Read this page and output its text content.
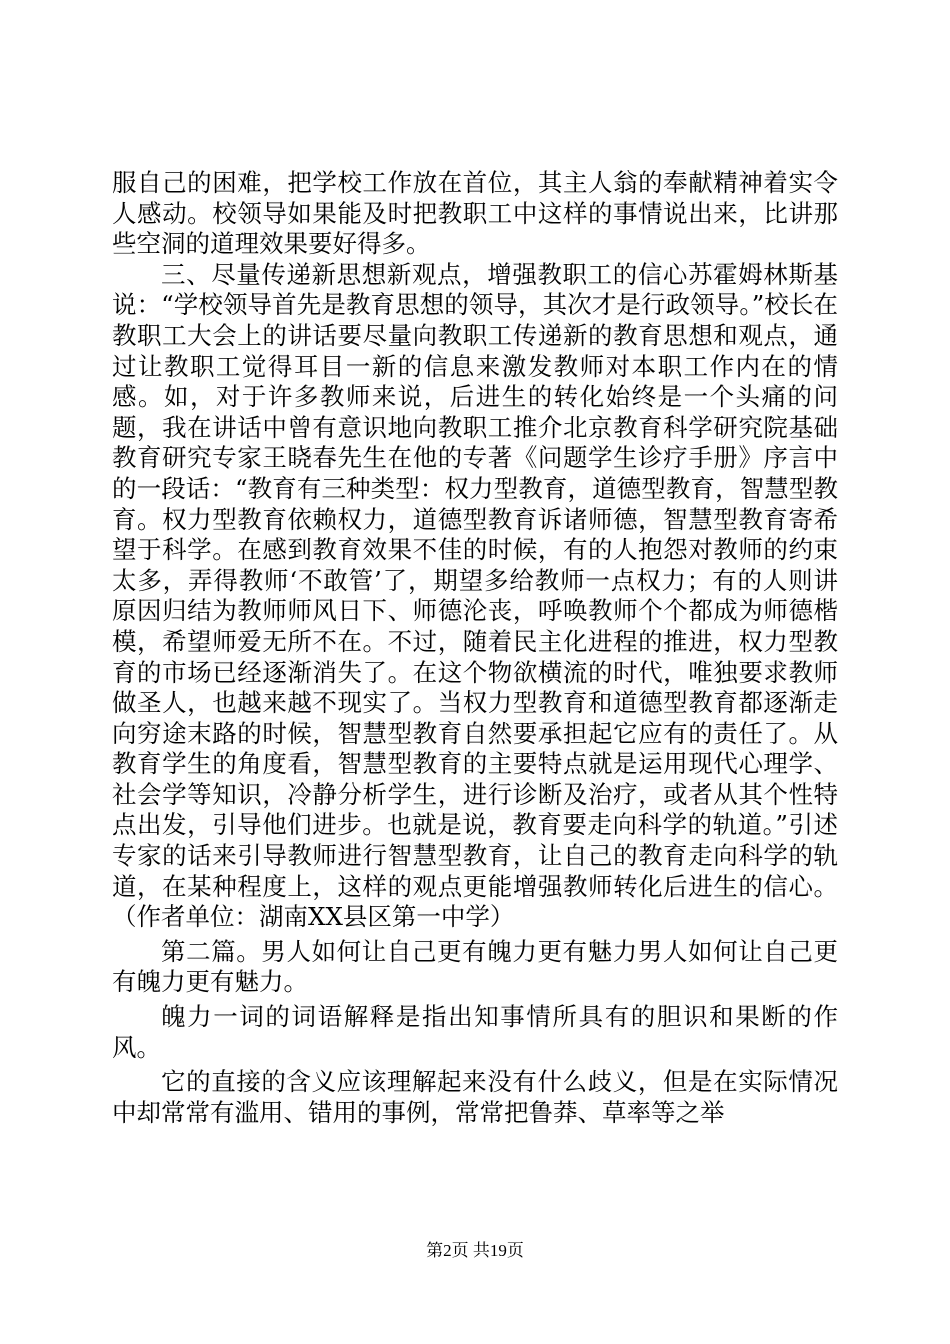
服自己的困难，把学校工作放在首位，其主人翁的奉献精神着实令人感动。校领导如果能及时把教职工中这样的事情说出来，比讲那些空洞的道理效果要好得多。

三、尽量传递新思想新观点，增强教职工的信心苏霍姆林斯基说：“学校领导首先是教育思想的领导，其次才是行政领导。”校长在教职工大会上的讲话要尽量向教职工传递新的教育思想和观点，通过让教职工觉得耳目一新的信息来激发教师对本职工作内在的情感。如，对于许多教师来说，后进生的转化始终是一个头痛的问题，我在讲话中曾有意识地向教职工推介北京教育科学研究院基础教育研究专家王晓春先生在他的专著《问题学生诊疗手册》序言中的一段话：“教育有三种类型：权力型教育，道德型教育，智慧型教育。权力型教育依赖权力，道德型教育诉诸师德，智慧型教育寄希望于科学。在感到教育效果不佳的时候，有的人抱怨对教师的约束太多，弄得教师‘不敢管’了，期望多给教师一点权力；有的人则讲原因归结为教师师风日下、师德沦丧，呼唤教师个个都成为师德楷模，希望师爱无所不在。不过，随着民主化进程的推进，权力型教育的市场已经逐渐消失了。在这个物欲横流的时代，唯独要求教师做圣人，也越来越不现实了。当权力型教育和道德型教育都逐渐走向穷途末路的时候，智慧型教育自然要承担起它应有的责任了。从教育学生的角度看，智慧型教育的主要特点就是运用现代心理学、社会学等知识，冷静分析学生，进行诊断及治疗，或者从其个性特点出发，引导他们进步。也就是说，教育要走向科学的轨道。”引述专家的话来引导教师进行智慧型教育，让自己的教育走向科学的轨道，在某种程度上，这样的观点更能增强教师转化后进生的信心。（作者单位：湖南XX县区第一中学）

第二篇。男人如何让自己更有魄力更有魅力男人如何让自己更有魄力更有魅力。

魄力一词的词语解释是指出知事情所具有的胆识和果断的作风。

它的直接的含义应该理解起来没有什么歧义，但是在实际情况中却常常有滥用、错用的事例，常常把鲁莽、草率等之举

第2页 共19页
